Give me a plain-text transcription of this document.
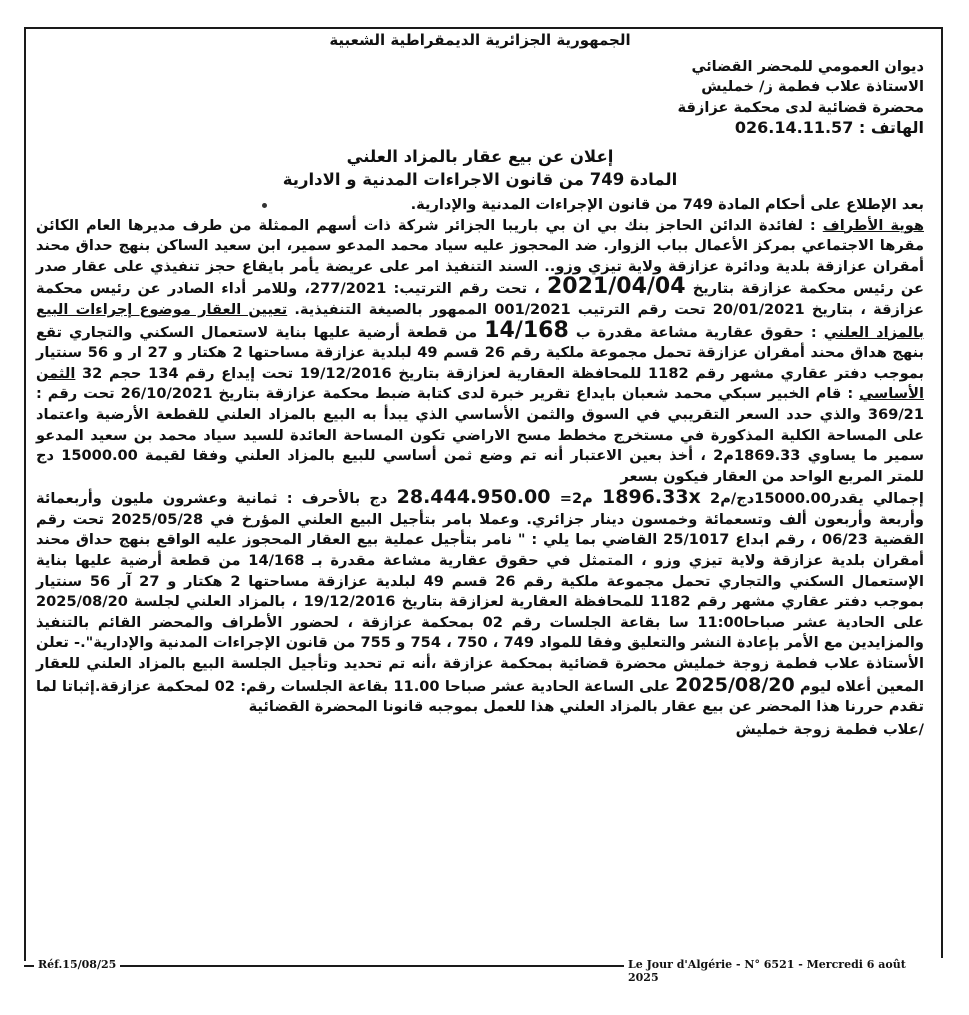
الجمهورية الجزائرية الديمقراطية الشعبية
ديوان العمومي للمحضر القضائي
الاستاذة علاب فطمة ز/ خمليش
محضرة قضائية لدى محكمة عزازقة
الهاتف : 026.14.11.57
إعلان عن بيع عقار بالمزاد العلني
المادة 749 من قانون الاجراءات المدنية و الادارية
بعد الإطلاع على أحكام المادة 749 من قانون الإجراءات المدنية والإدارية.
هوية الأطراف : لفائدة الدائن الحاجز بنك بي ان بي باريبا الجزائر شركة ذات أسهم الممثلة من طرف مديرها العام الكائن مقرها الاجتماعي بمركز الأعمال بباب الزوار. ضد المحجوز عليه سياد محمد المدعو سمير، ابن سعيد الساكن بنهج حداق محند أمقران عزازقة بلدية ودائرة عزازقة ولاية تيزي وزو.. السند التنفيذ امر على عريضة يأمر بايقاع حجز تنفيذي على عقار صدر عن رئيس محكمة عزازقة بتاريخ 2021/04/04 ، تحت رقم الترتيب: 277/2021، وللامر أداء الصادر عن رئيس محكمة عزازقة ، بتاريخ 20/01/2021 تحت رقم الترتيب 001/2021 الممهور بالصيغة التنفيذية. تعيين العقار موضوع إجراءات البيع بالمزاد العلني : حقوق عقارية مشاعة مقدرة ب 14/168 من قطعة أرضية عليها بناية لاستعمال السكني والتجاري تقع بنهج هداق محند أمقران عزازقة تحمل مجموعة ملكية رقم 26 قسم 49 لبلدية عزازقة مساحتها 2 هكتار و 27 ار و 56 سنتيار بموجب دفتر عقاري مشهر رقم 1182 للمحافظة العقارية لعزازقة بتاريخ 19/12/2016 تحت إيداع رقم 134 حجم 32 الثمن الأساسي : قام الخبير سبكي محمد شعبان بايداع تقرير خبرة لدى كتابة ضبط محكمة عزازقة بتاريخ 26/10/2021 تحت رقم : 369/21 والذي حدد السعر التقريبي في السوق والثمن الأساسي الذي يبدأ به البيع بالمزاد العلني للقطعة الأرضية واعتماد على المساحة الكلية المذكورة في مستخرج مخطط مسح الاراضي تكون المساحة العائدة للسيد سياد محمد بن سعيد المدعو سمير ما يساوي 1869.33م2 ، أخذ بعين الاعتبار أنه تم وضع ثمن أساسي للبيع بالمزاد العلني وفقا لقيمة 15000.00 دج للمتر المربع الواحد من العقار فيكون بسعر
إجمالي يقدر15000.00دج/م2 1896.33x م2= 28.444.950.00 دج بالأحرف : ثمانية وعشرون مليون وأربعمائة وأربعة وأربعون ألف وتسعمائة وخمسون دينار جزائري. وعملا بامر بتأجيل البيع العلني المؤرخ في 2025/05/28 تحت رقم القضية 06/23 ، رقم ابداع 25/1017 القاضي بما يلي : " نامر بتأجيل عملية بيع العقار المحجوز عليه الواقع بنهج حداق محند أمقران بلدية عزازقة ولاية تيزي وزو ، المتمثل في حقوق عقارية مشاعة مقدرة بـ 14/168 من قطعة أرضية عليها بناية الإستعمال السكني والتجاري تحمل مجموعة ملكية رقم 26 قسم 49 لبلدية عزازقة مساحتها 2 هكتار و 27 آر 56 سنتيار بموجب دفتر عقاري مشهر رقم 1182 للمحافظة العقارية لعزازقة بتاريخ 19/12/2016 ، بالمزاد العلني لجلسة 2025/08/20 على الحادية عشر صباحا11:00 سا بقاعة الجلسات رقم 02 بمحكمة عزازقة ، لحضور الأطراف والمحضر القائم بالتنفيذ والمزايدين مع الأمر بإعادة النشر والتعليق وفقا للمواد 749 ، 750 ، 754 و 755 من قانون الإجراءات المدنية والإدارية".- تعلن الأستاذة علاب فطمة زوجة خمليش محضرة قضائية بمحكمة عزازقة ،أنه تم تحديد وتأجيل الجلسة البيع بالمزاد العلني للعقار المعين أعلاه ليوم 2025/08/20 على الساعة الحادية عشر صباحا 11.00 بقاعة الجلسات رقم: 02 لمحكمة عزازقة.إثباتا لما تقدم حررنا هذا المحضر عن بيع عقار بالمزاد العلني هذا للعمل بموجبه قانونا المحضرة القضائية
/علاب فطمة زوجة خمليش
Réf.15/08/25	Le Jour d'Algérie - N° 6521 - Mercredi 6 août 2025
